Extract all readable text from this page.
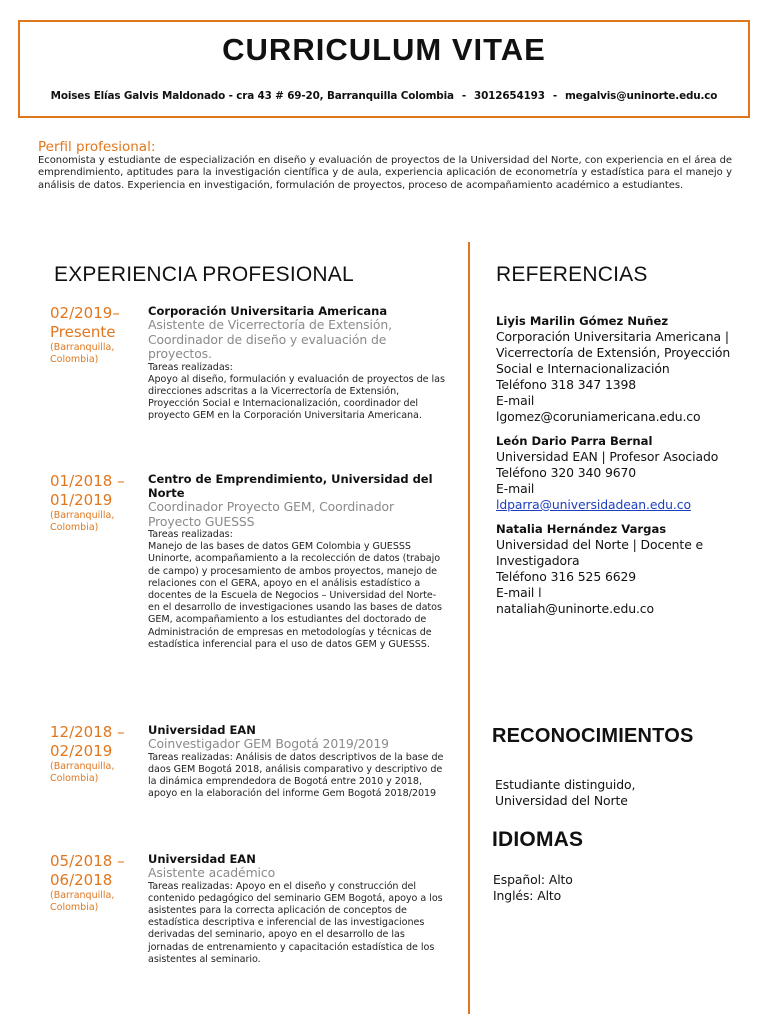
CURRICULUM VITAE
Moises Elías Galvis Maldonado - cra 43 # 69-20, Barranquilla Colombia - 3012654193 - megalvis@uninorte.edu.co
Perfil profesional:
Economista y estudiante de especialización en diseño y evaluación de proyectos de la Universidad del Norte, con experiencia en el área de emprendimiento, aptitudes para la investigación científica y de aula, experiencia aplicación de econometría y estadística para el manejo y análisis de datos. Experiencia en investigación, formulación de proyectos, proceso de acompañamiento académico a estudiantes.
EXPERIENCIA PROFESIONAL
02/2019– Presente
(Barranquilla, Colombia)
Corporación Universitaria Americana
Asistente de Vicerrectoría de Extensión, Coordinador de diseño y evaluación de proyectos.
Tareas realizadas:
Apoyo al diseño, formulación y evaluación de proyectos de las direcciones adscritas a la Vicerrectoría de Extensión, Proyección Social e Internacionalización, coordinador del proyecto GEM en la Corporación Universitaria Americana.
01/2018 – 01/2019
(Barranquilla, Colombia)
Centro de Emprendimiento, Universidad del Norte
Coordinador Proyecto GEM, Coordinador Proyecto GUESSS
Tareas realizadas:
Manejo de las bases de datos GEM Colombia y GUESSS Uninorte, acompañamiento a la recolección de datos (trabajo de campo) y procesamiento de ambos proyectos, manejo de relaciones con el GERA, apoyo en el análisis estadístico a docentes de la Escuela de Negocios – Universidad del Norte- en el desarrollo de investigaciones usando las bases de datos GEM, acompañamiento a los estudiantes del doctorado de Administración de empresas en metodologías y técnicas de estadística inferencial para el uso de datos GEM y GUESSS.
12/2018 – 02/2019
(Barranquilla, Colombia)
Universidad EAN
Coinvestigador GEM Bogotá 2019/2019
Tareas realizadas: Análisis de datos descriptivos de la base de daos GEM Bogotá 2018, análisis comparativo y descriptivo de la dinámica emprendedora de Bogotá entre 2010 y 2018, apoyo en la elaboración del informe Gem Bogotá 2018/2019
05/2018 – 06/2018
(Barranquilla, Colombia)
Universidad EAN
Asistente académico
Tareas realizadas: Apoyo en el diseño y construcción del contenido pedagógico del seminario GEM Bogotá, apoyo a los asistentes para la correcta aplicación de conceptos de estadística descriptiva e inferencial de las investigaciones derivadas del seminario, apoyo en el desarrollo de las jornadas de entrenamiento y capacitación estadística de los asistentes al seminario.
REFERENCIAS
Liyis Marilin Gómez Nuñez
Corporación Universitaria Americana | Vicerrectoría de Extensión, Proyección Social e Internacionalización
Teléfono 318 347 1398
E-mail
lgomez@coruniamericana.edu.co
León Dario Parra Bernal
Universidad EAN | Profesor Asociado
Teléfono 320 340 9670
E-mail
ldparra@universidadean.edu.co
Natalia Hernández Vargas
Universidad del Norte | Docente e Investigadora
Teléfono 316 525 6629
E-mail l
nataliah@uninorte.edu.co
RECONOCIMIENTOS
Estudiante distinguido, Universidad del Norte
IDIOMAS
Español: Alto
Inglés: Alto
